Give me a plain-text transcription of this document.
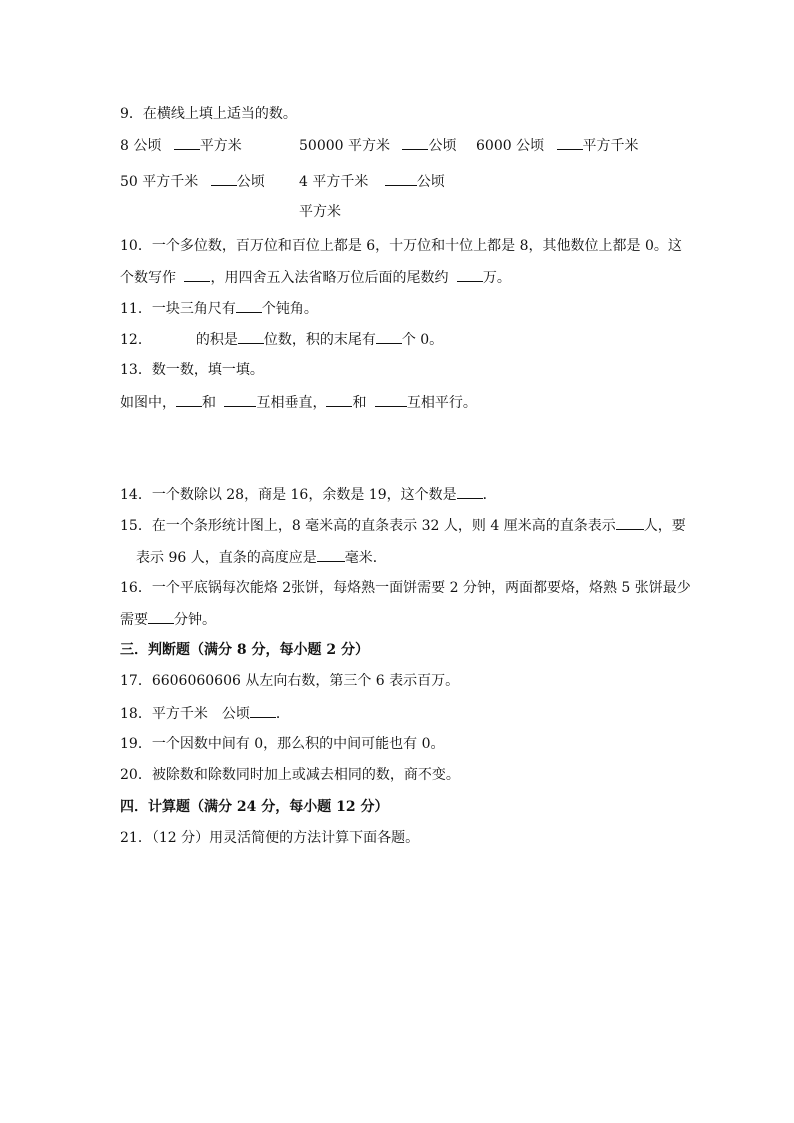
9．在横线上填上适当的数。
8 公顷	平方米	50000 平方米	公顷 6000 公顷	平方千米
50 平方千米	公顷 4 平方千米	公顷
平方米
10．一个多位数，百万位和百位上都是 6，十万位和十位上都是 8，其他数位上都是 0。这
个数写作 ，用四舍五入法省略万位后面的尾数约 万。
11．一块三角尺有 个钝角。
12．	的积是 位数，积的末尾有 个 0。
13．数一数，填一填。
如图中， 和	互相垂直， 和	互相平行。
14．一个数除以 28，商是 16，余数是 19，这个数是 ．
15．在一个条形统计图上，8 毫米高的直条表示 32 人，则 4 厘米高的直条表示 人，要
表示 96 人，直条的高度应是 毫米．
16．一个平底锅每次能烙 2张饼，每烙熟一面饼需要 2 分钟，两面都要烙，烙熟 5 张饼最少
需要 分钟。
三．判断题（满分 8 分，每小题 2 分）
17．6606060606 从左向右数，第三个 6 表示百万。
18．平方千米 公顷 ．
19．一个因数中间有 0，那么积的中间可能也有 0。
20．被除数和除数同时加上或减去相同的数，商不变。
四．计算题（满分 24 分，每小题 12 分）
21．（12 分）用灵活简便的方法计算下面各题。
